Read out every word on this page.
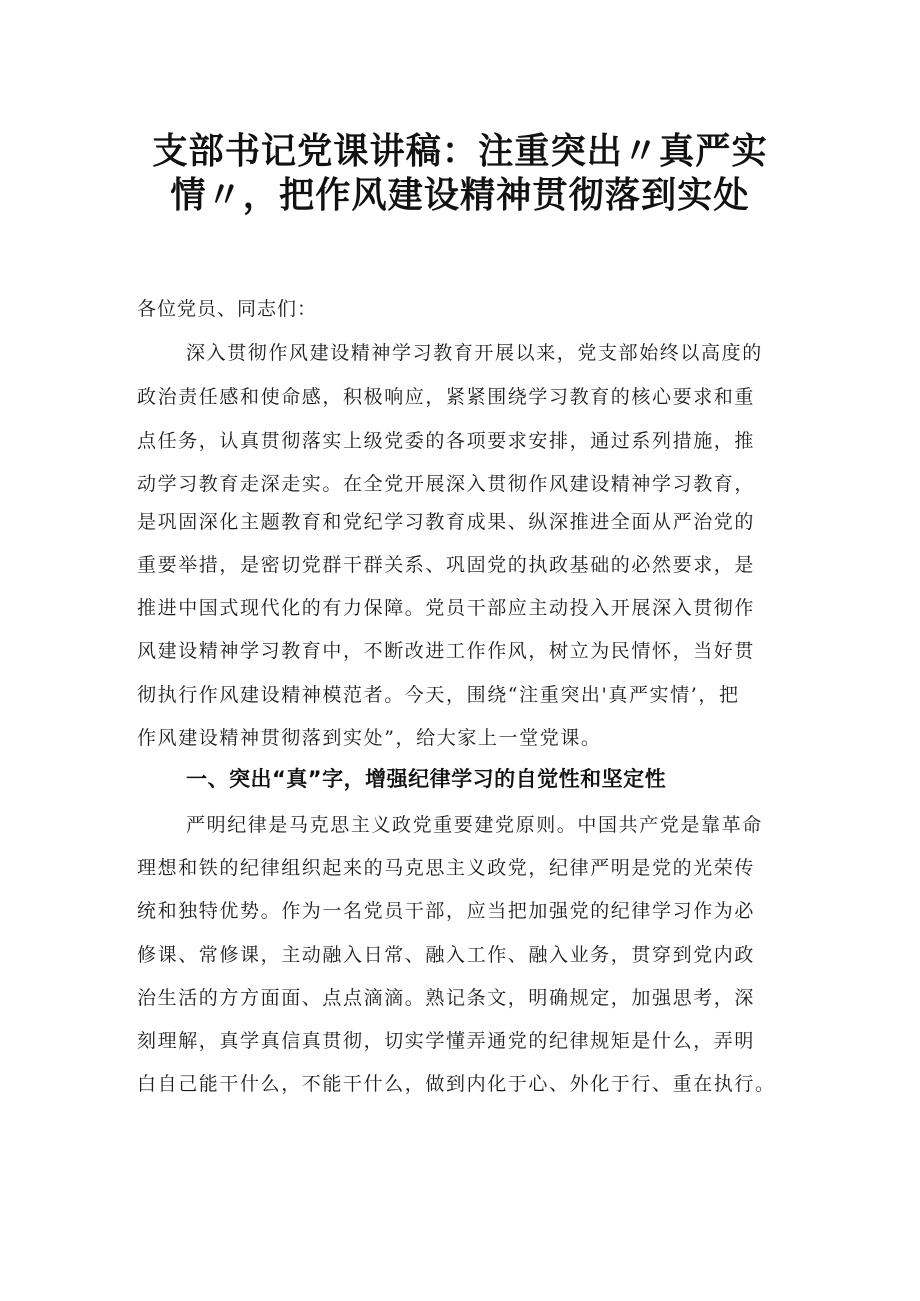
支部书记党课讲稿：注重突出〃真严实
情〃，把作风建设精神贯彻落到实处

各位党员、同志们：

深入贯彻作风建设精神学习教育开展以来，党支部始终以高度的

政治责任感和使命感，积极响应，紧紧围绕学习教育的核心要求和重

点任务，认真贯彻落实上级党委的各项要求安排，通过系列措施，推

动学习教育走深走实。在全党开展深入贯彻作风建设精神学习教育，

是巩固深化主题教育和党纪学习教育成果、纵深推进全面从严治党的

重要举措，是密切党群干群关系、巩固党的执政基础的必然要求，是

推进中国式现代化的有力保障。党员干部应主动投入开展深入贯彻作

风建设精神学习教育中，不断改进工作作风，树立为民情怀，当好贯

彻执行作风建设精神模范者。今天，围绕“注重突出'真严实情’，把

作风建设精神贯彻落到实处”，给大家上一堂党课。

一、突出“真”字，增强纪律学习的自觉性和坚定性

严明纪律是马克思主义政党重要建党原则。中国共产党是靠革命

理想和铁的纪律组织起来的马克思主义政党，纪律严明是党的光荣传

统和独特优势。作为一名党员干部，应当把加强党的纪律学习作为必

修课、常修课，主动融入日常、融入工作、融入业务，贯穿到党内政

治生活的方方面面、点点滴滴。熟记条文，明确规定，加强思考，深

刻理解，真学真信真贯彻，切实学懂弄通党的纪律规矩是什么，弄明

白自己能干什么，不能干什么，做到内化于心、外化于行、重在执行。
